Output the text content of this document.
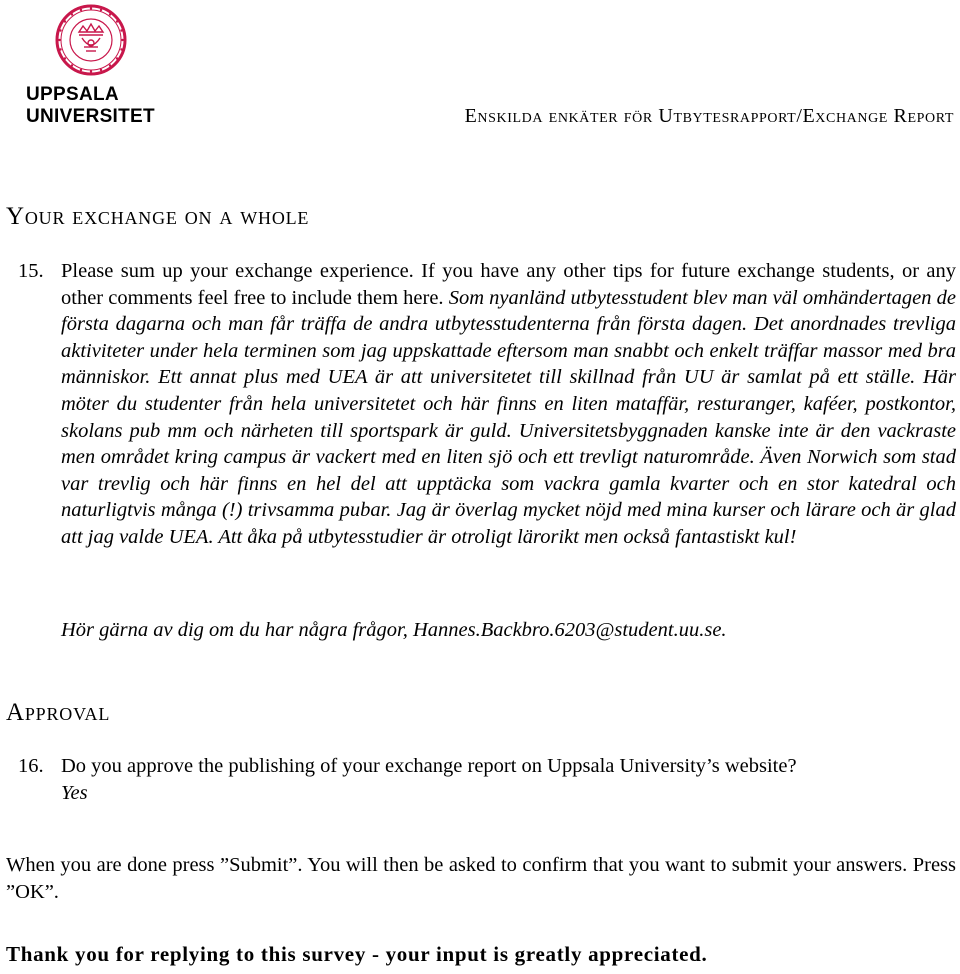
UPPSALA
UNIVERSITET	Enskilda enkäter för Utbytesrapport/Exchange Report
Your exchange on a whole
15. Please sum up your exchange experience. If you have any other tips for future exchange students, or any other comments feel free to include them here. Som nyanländ utbytesstudent blev man väl omhändertagen de första dagarna och man får träffa de andra utbytesstudenterna från första dagen. Det anordnades trevliga aktiviteter under hela terminen som jag uppskattade eftersom man snabbt och enkelt träffar massor med bra människor. Ett annat plus med UEA är att universitetet till skillnad från UU är samlat på ett ställe. Här möter du studenter från hela universitetet och här finns en liten mataffär, resturanger, kaféer, postkontor, skolans pub mm och närheten till sportspark är guld. Universitetsbyggnaden kanske inte är den vackraste men området kring campus är vackert med en liten sjö och ett trevligt naturområde. Även Norwich som stad var trevlig och här finns en hel del att upptäcka som vackra gamla kvarter och en stor katedral och naturligtvis många (!) trivsamma pubar. Jag är överlag mycket nöjd med mina kurser och lärare och är glad att jag valde UEA. Att åka på utbytesstudier är otroligt lärorikt men också fantastiskt kul!
Hör gärna av dig om du har några frågor, Hannes.Backbro.6203@student.uu.se.
Approval
16. Do you approve the publishing of your exchange report on Uppsala University’s website?
Yes
When you are done press ”Submit”. You will then be asked to confirm that you want to submit your answers. Press ”OK”.
Thank you for replying to this survey - your input is greatly appreciated.
